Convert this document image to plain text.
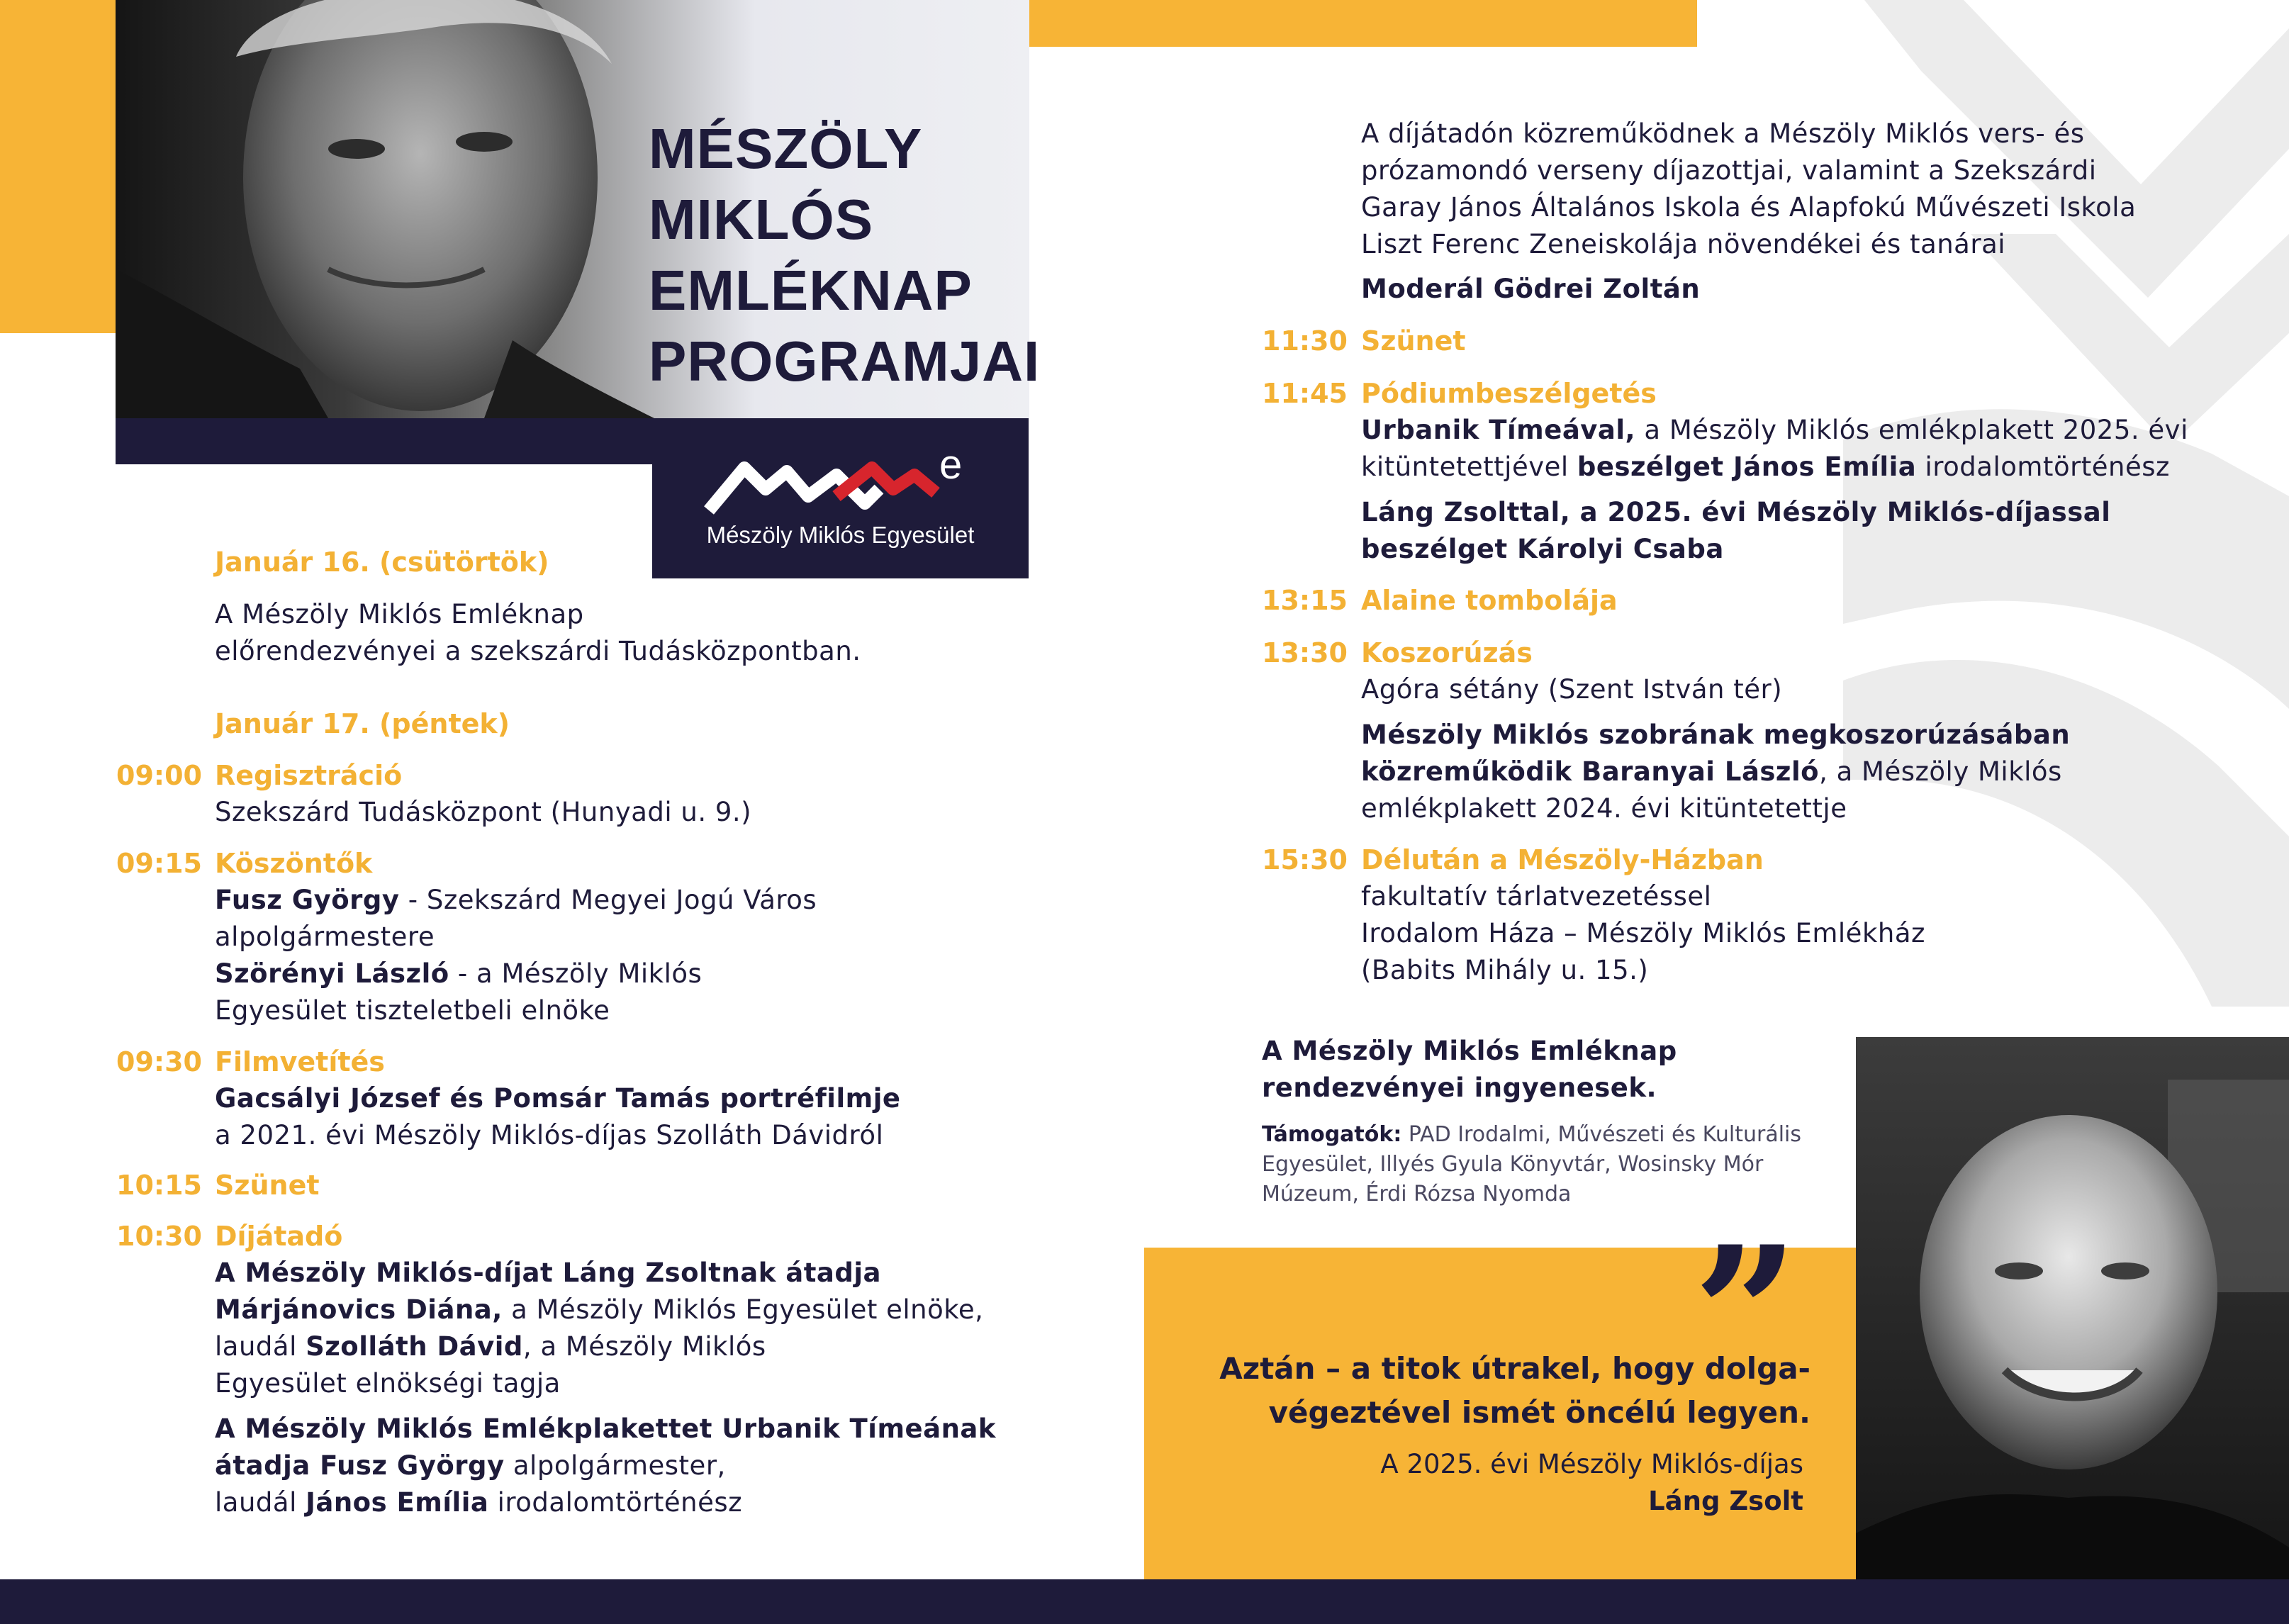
MÉSZÖLY
MIKLÓS
EMLÉKNAP
PROGRAMJAI
e
Mészöly Miklós Egyesület
Január 16. (csütörtök)
A Mészöly Miklós Emléknap
előrendezvényei a szekszárdi Tudásközpontban.
Január 17. (péntek)
09:00 Regisztráció
Szekszárd Tudásközpont (Hunyadi u. 9.)
09:15 Köszöntők
Fusz György - Szekszárd Megyei Jogú Város
alpolgármestere
Szörényi László - a Mészöly Miklós
Egyesület tiszteletbeli elnöke
09:30 Filmvetítés
Gacsályi József és Pomsár Tamás portréfilmje
a 2021. évi Mészöly Miklós-díjas Szolláth Dávidról
10:15 Szünet
10:30 Díjátadó
A Mészöly Miklós-díjat Láng Zsoltnak átadja
Márjánovics Diána, a Mészöly Miklós Egyesület elnöke,
laudál Szolláth Dávid, a Mészöly Miklós
Egyesület elnökségi tagja
A Mészöly Miklós Emlékplakettet Urbanik Tímeának
átadja Fusz György alpolgármester,
laudál János Emília irodalomtörténész
A díjátadón közreműködnek a Mészöly Miklós vers- és
prózamondó verseny díjazottjai, valamint a Szekszárdi
Garay János Általános Iskola és Alapfokú Művészeti Iskola
Liszt Ferenc Zeneiskolája növendékei és tanárai
Moderál Gödrei Zoltán
11:30 Szünet
11:45 Pódiumbeszélgetés
Urbanik Tímeával, a Mészöly Miklós emlékplakett 2025. évi
kitüntetettjével beszélget János Emília irodalomtörténész
Láng Zsolttal, a 2025. évi Mészöly Miklós-díjassal
beszélget Károlyi Csaba
13:15 Alaine tombolája
13:30 Koszorúzás
Agóra sétány (Szent István tér)
Mészöly Miklós szobrának megkoszorúzásában
közreműködik Baranyai László, a Mészöly Miklós
emlékplakett 2024. évi kitüntetettje
15:30 Délután a Mészöly-Házban
fakultatív tárlatvezetéssel
Irodalom Háza – Mészöly Miklós Emlékház
(Babits Mihály u. 15.)
A Mészöly Miklós Emléknap
rendezvényei ingyenesek.
Támogatók: PAD Irodalmi, Művészeti és Kulturális
Egyesület, Illyés Gyula Könyvtár, Wosinsky Mór
Múzeum, Érdi Rózsa Nyomda
”
Aztán – a titok útrakel, hogy dolga-
végeztével ismét öncélú legyen.
A 2025. évi Mészöly Miklós-díjas
Láng Zsolt
